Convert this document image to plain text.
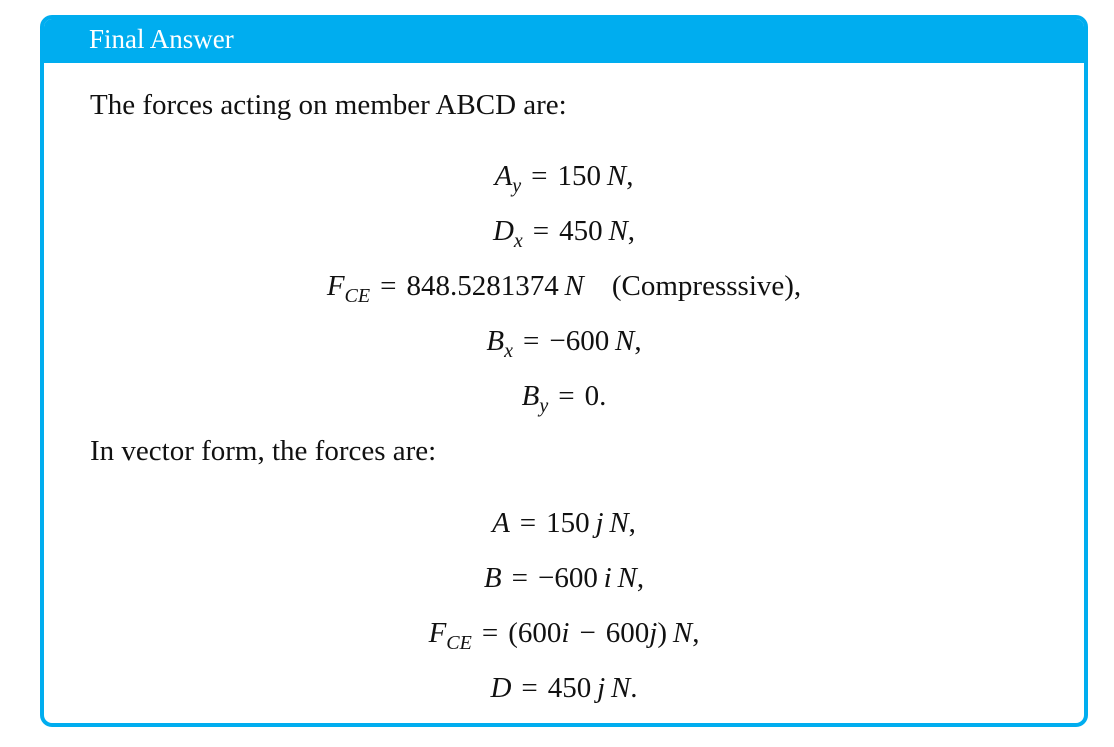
Final Answer
The forces acting on member ABCD are:
$A_y = 150$  N,
$D_x = 450$  N,
$F_{CE} = 848.5281374$  N (Compresssive),
$B_x = -600$  N,
$B_y = 0$.
In vector form, the forces are:
A = 150  j  N,
B = −600  i  N,
$F_{CE} = (600i - 600j)$  N,
D = 450  j  N.
